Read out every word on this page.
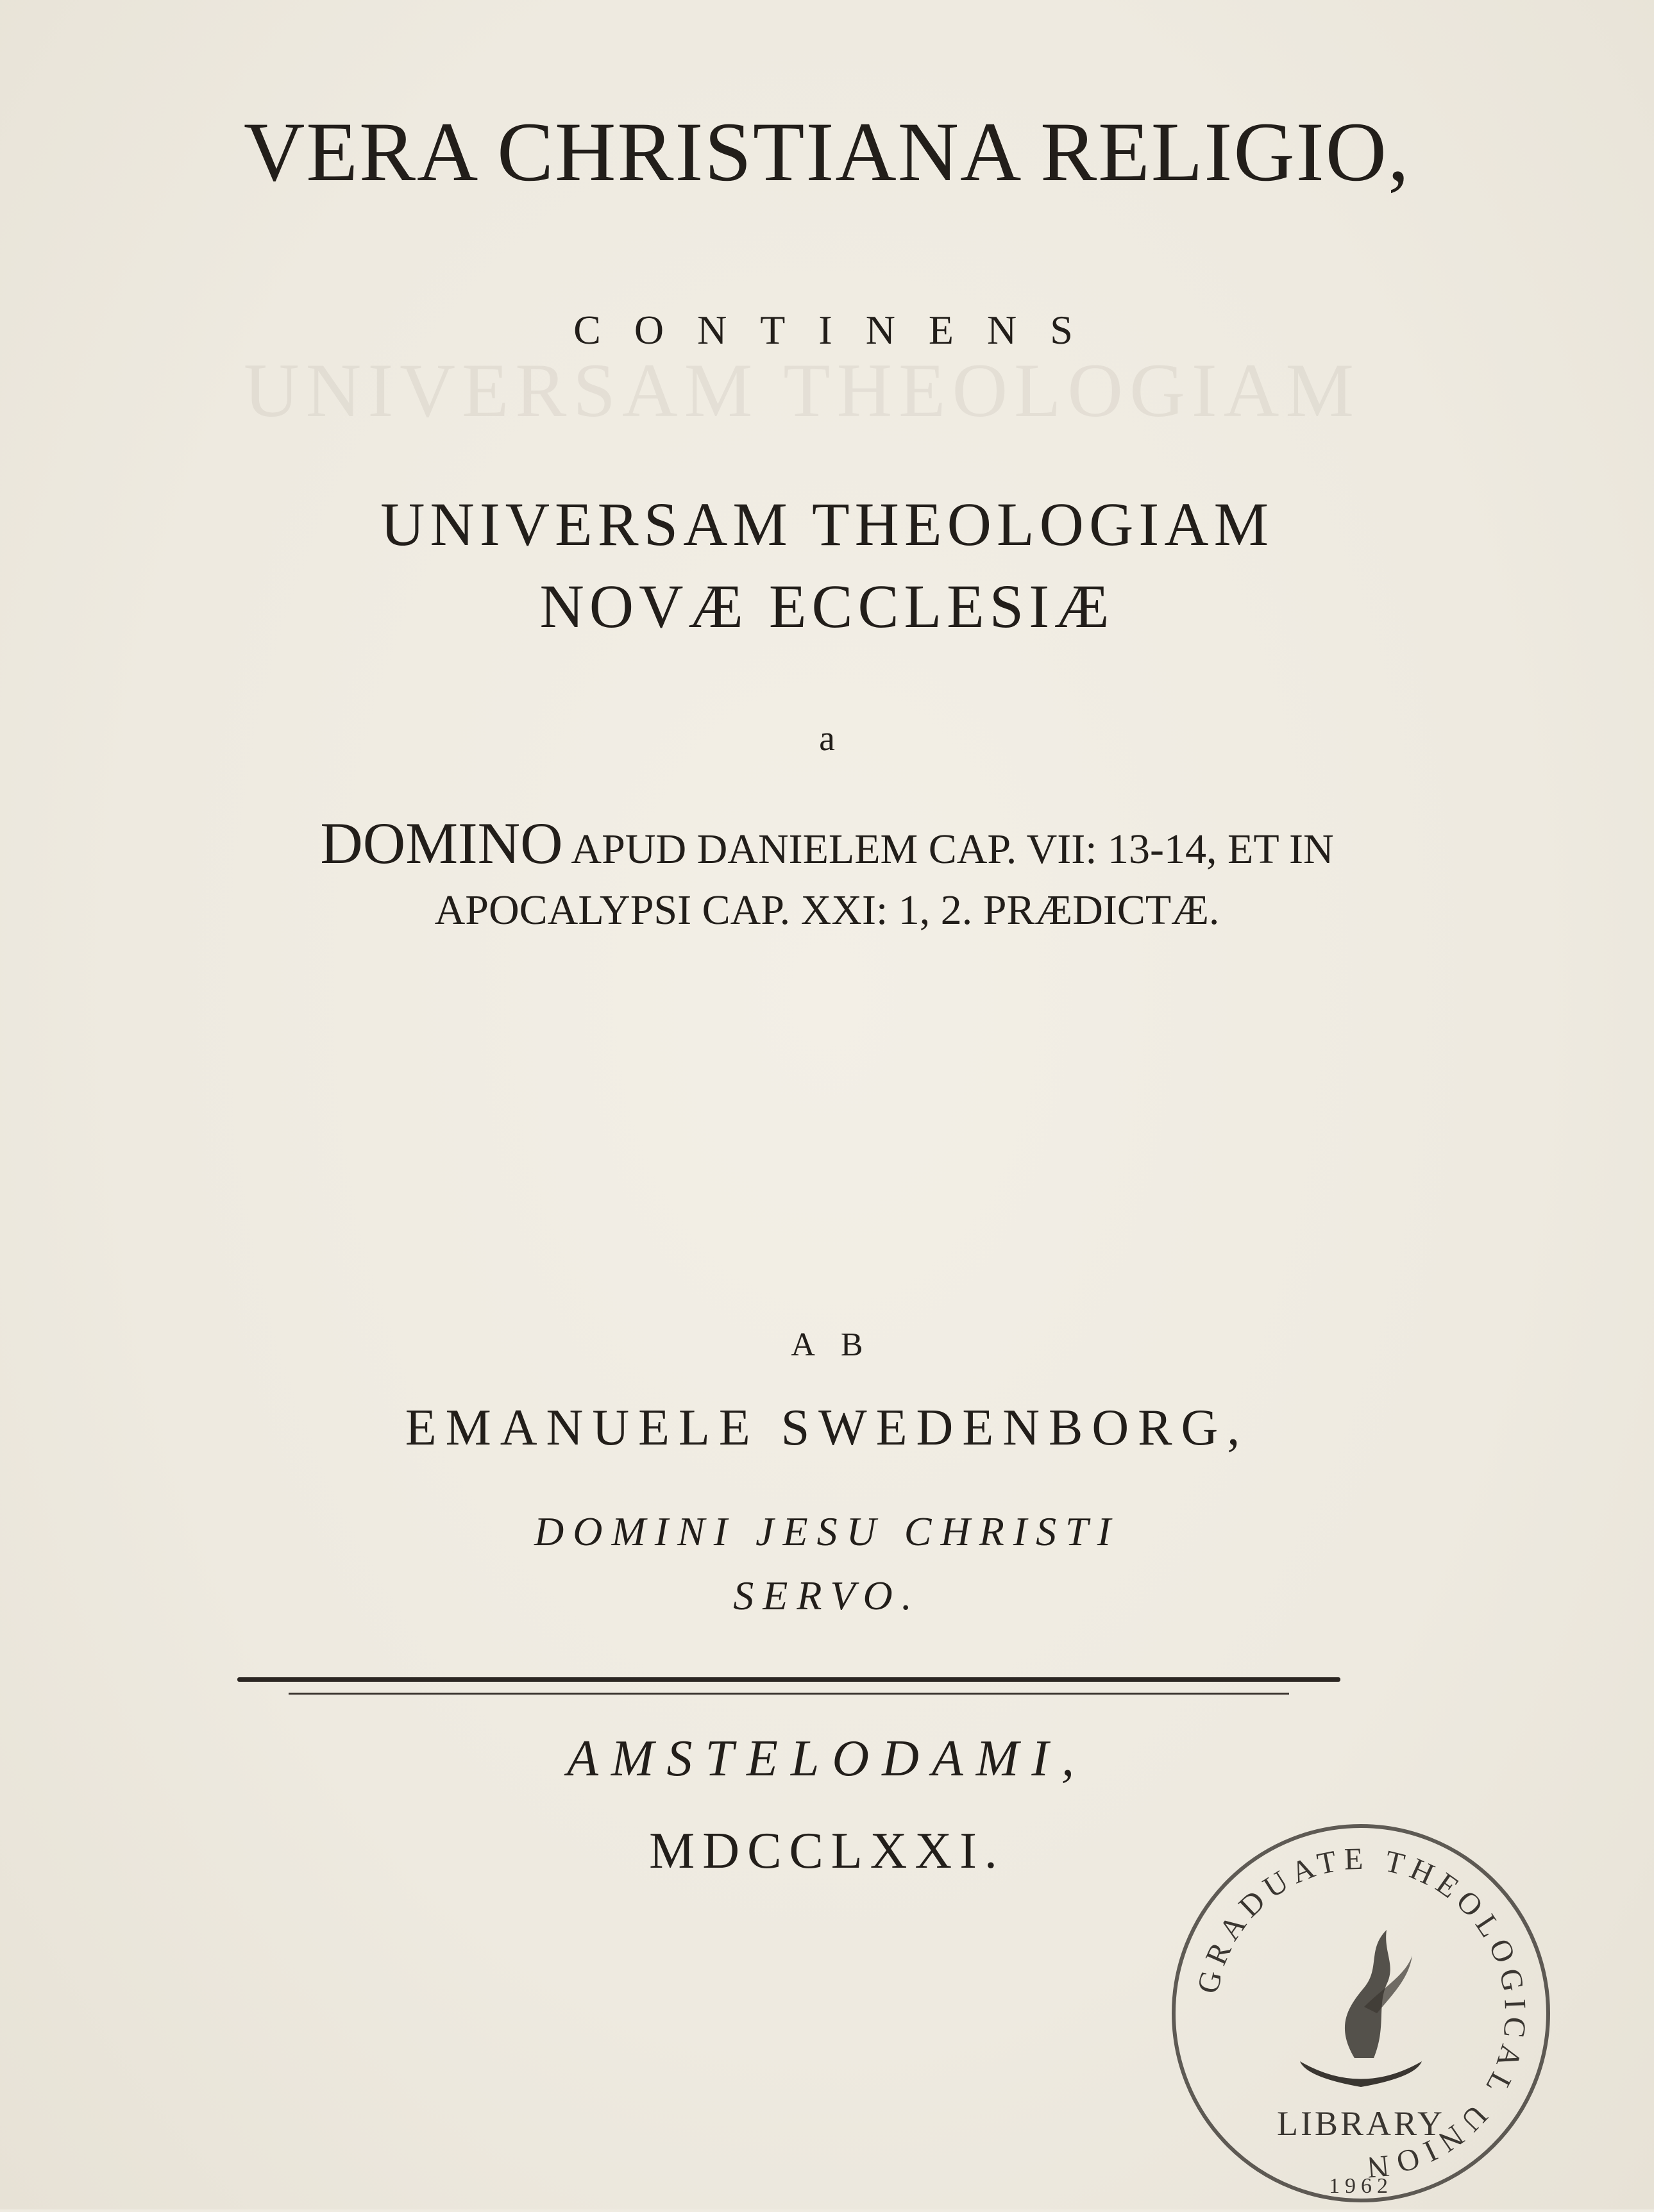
UNIVERSAM THEOLOGIAM
VERA CHRISTIANA RELIGIO,
CONTINENS
UNIVERSAM THEOLOGIAM
NOVÆ ECCLESIÆ
a
DOMINO APUD DANIELEM CAP. VII: 13-14, ET IN
APOCALYPSI CAP. XXI: 1, 2. PRÆDICTÆ.
AB
EMANUELE SWEDENBORG,
DOMINI JESU CHRISTI
SERVO.
AMSTELODAMI,
MDCCLXXI.
GRADUATE THEOLOGICAL UNION
LIBRARY
1962
